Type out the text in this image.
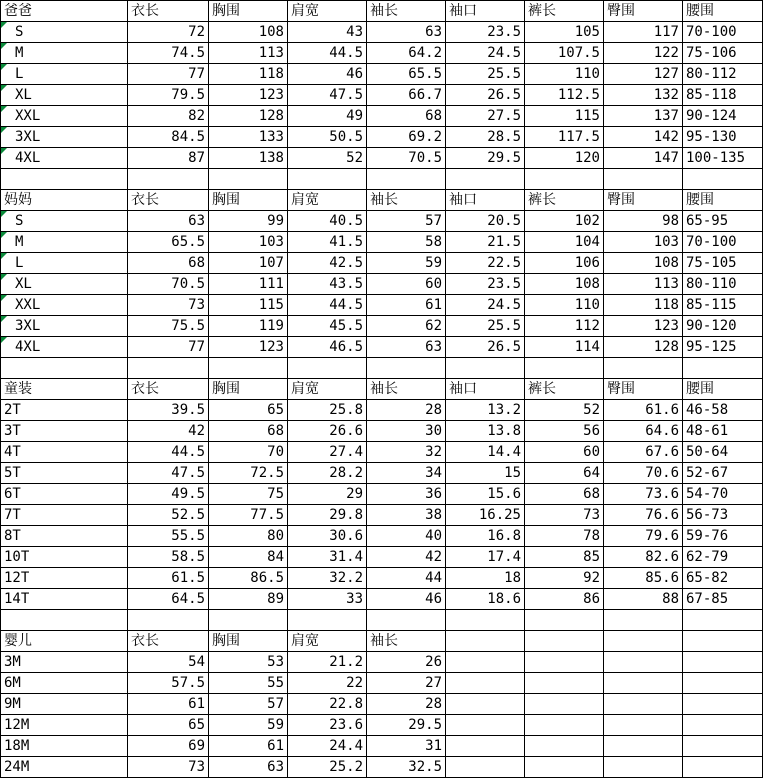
爸爸	衣长	胸围	肩宽	袖长	袖口	裤长	臀围	腰围
S	72	108	43	63	23.5	105	117	70-100
M	74.5	113	44.5	64.2	24.5	107.5	122	75-106
L	77	118	46	65.5	25.5	110	127	80-112
XL	79.5	123	47.5	66.7	26.5	112.5	132	85-118
XXL	82	128	49	68	27.5	115	137	90-124
3XL	84.5	133	50.5	69.2	28.5	117.5	142	95-130
4XL	87	138	52	70.5	29.5	120	147	100-135

妈妈	衣长	胸围	肩宽	袖长	袖口	裤长	臀围	腰围
S	63	99	40.5	57	20.5	102	98	65-95
M	65.5	103	41.5	58	21.5	104	103	70-100
L	68	107	42.5	59	22.5	106	108	75-105
XL	70.5	111	43.5	60	23.5	108	113	80-110
XXL	73	115	44.5	61	24.5	110	118	85-115
3XL	75.5	119	45.5	62	25.5	112	123	90-120
4XL	77	123	46.5	63	26.5	114	128	95-125

童装	衣长	胸围	肩宽	袖长	袖口	裤长	臀围	腰围
2T	39.5	65	25.8	28	13.2	52	61.6	46-58
3T	42	68	26.6	30	13.8	56	64.6	48-61
4T	44.5	70	27.4	32	14.4	60	67.6	50-64
5T	47.5	72.5	28.2	34	15	64	70.6	52-67
6T	49.5	75	29	36	15.6	68	73.6	54-70
7T	52.5	77.5	29.8	38	16.25	73	76.6	56-73
8T	55.5	80	30.6	40	16.8	78	79.6	59-76
10T	58.5	84	31.4	42	17.4	85	82.6	62-79
12T	61.5	86.5	32.2	44	18	92	85.6	65-82
14T	64.5	89	33	46	18.6	86	88	67-85

婴儿	衣长	胸围	肩宽	袖长				
3M	54	53	21.2	26				
6M	57.5	55	22	27				
9M	61	57	22.8	28				
12M	65	59	23.6	29.5				
18M	69	61	24.4	31				
24M	73	63	25.2	32.5				
